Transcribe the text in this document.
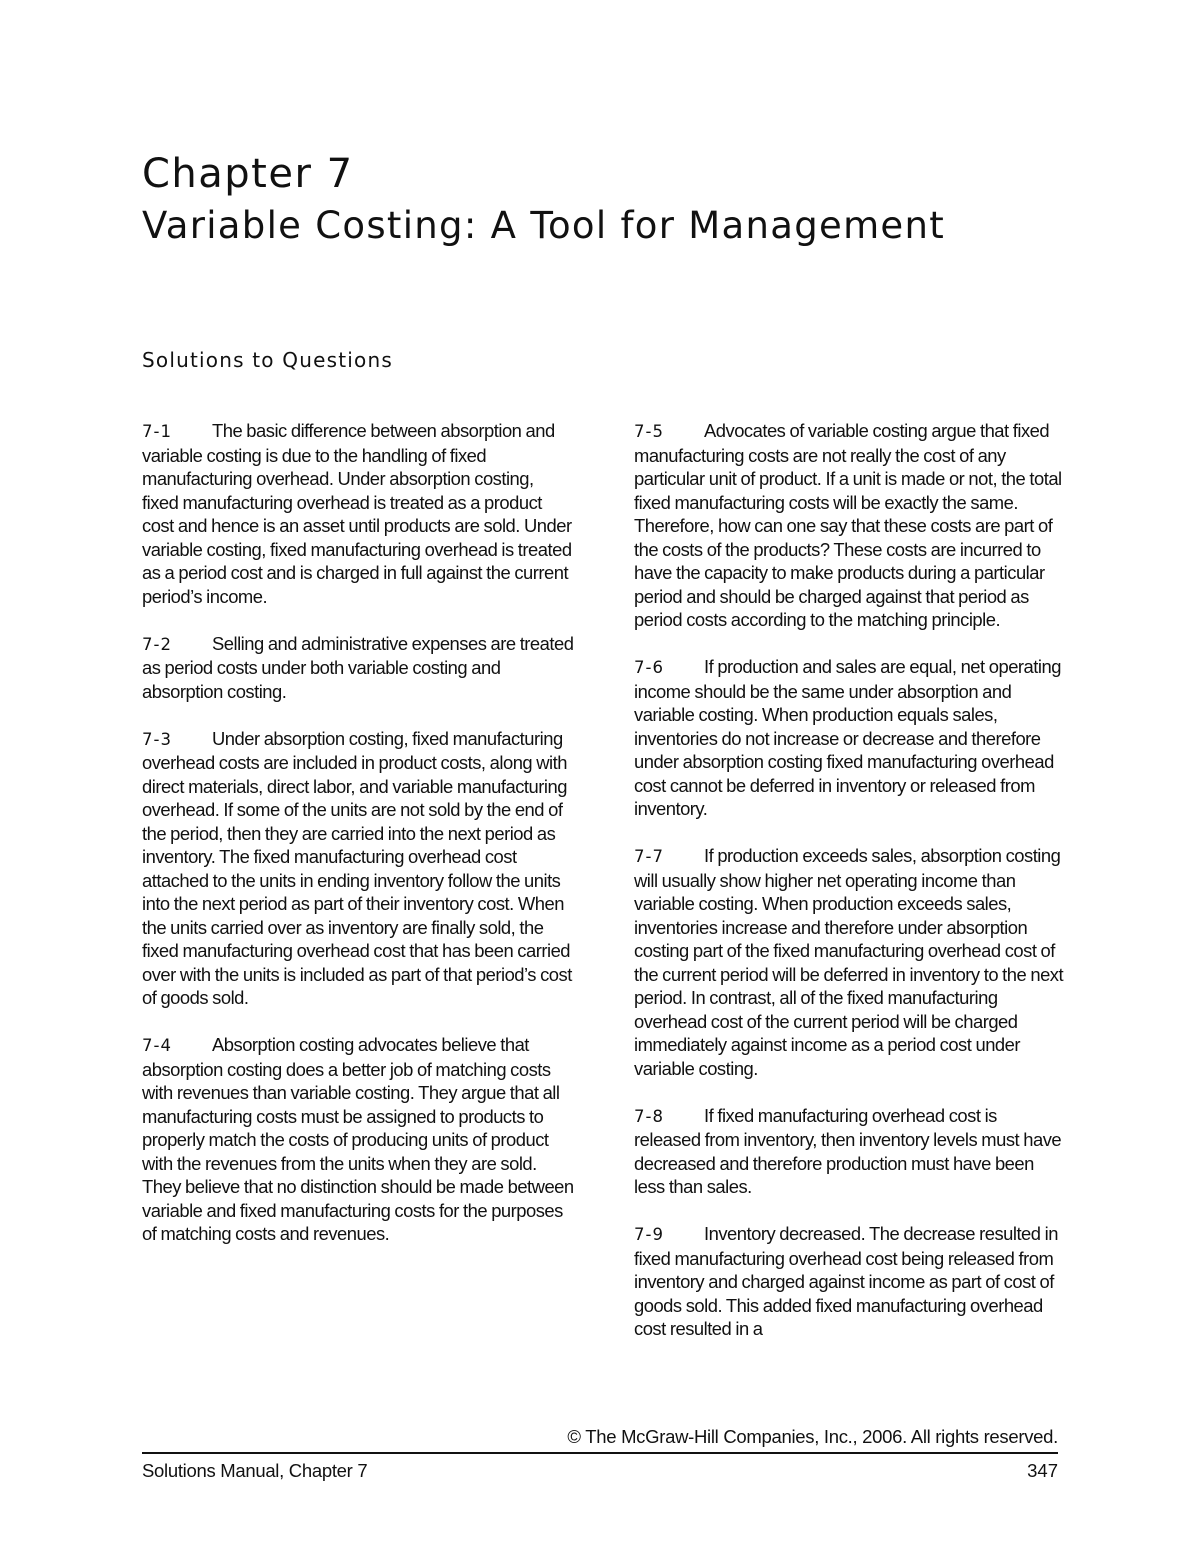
Chapter 7
Variable Costing: A Tool for Management
Solutions to Questions

7-1 The basic difference between absorption and variable costing is due to the handling of fixed manufacturing overhead. Under absorption costing, fixed manufacturing overhead is treated as a product cost and hence is an asset until products are sold. Under variable costing, fixed manufacturing overhead is treated as a period cost and is charged in full against the current period’s income.

7-2 Selling and administrative expenses are treated as period costs under both variable costing and absorption costing.

7-3 Under absorption costing, fixed manufacturing overhead costs are included in product costs, along with direct materials, direct labor, and variable manufacturing overhead. If some of the units are not sold by the end of the period, then they are carried into the next period as inventory. The fixed manufacturing overhead cost attached to the units in ending inventory follow the units into the next period as part of their inventory cost. When the units carried over as inventory are finally sold, the fixed manufacturing overhead cost that has been carried over with the units is included as part of that period’s cost of goods sold.

7-4 Absorption costing advocates believe that absorption costing does a better job of matching costs with revenues than variable costing. They argue that all manufacturing costs must be assigned to products to properly match the costs of producing units of product with the revenues from the units when they are sold. They believe that no distinction should be made between variable and fixed manufacturing costs for the purposes of matching costs and revenues.

7-5 Advocates of variable costing argue that fixed manufacturing costs are not really the cost of any particular unit of product. If a unit is made or not, the total fixed manufacturing costs will be exactly the same. Therefore, how can one say that these costs are part of the costs of the products? These costs are incurred to have the capacity to make products during a particular period and should be charged against that period as period costs according to the matching principle.

7-6 If production and sales are equal, net operating income should be the same under absorption and variable costing. When production equals sales, inventories do not increase or decrease and therefore under absorption costing fixed manufacturing overhead cost cannot be deferred in inventory or released from inventory.

7-7 If production exceeds sales, absorption costing will usually show higher net operating income than variable costing. When production exceeds sales, inventories increase and therefore under absorption costing part of the fixed manufacturing overhead cost of the current period will be deferred in inventory to the next period. In contrast, all of the fixed manufacturing overhead cost of the current period will be charged immediately against income as a period cost under variable costing.

7-8 If fixed manufacturing overhead cost is released from inventory, then inventory levels must have decreased and therefore production must have been less than sales.

7-9 Inventory decreased. The decrease resulted in fixed manufacturing overhead cost being released from inventory and charged against income as part of cost of goods sold. This added fixed manufacturing overhead cost resulted in a

© The McGraw-Hill Companies, Inc., 2006. All rights reserved.
Solutions Manual, Chapter 7	347
